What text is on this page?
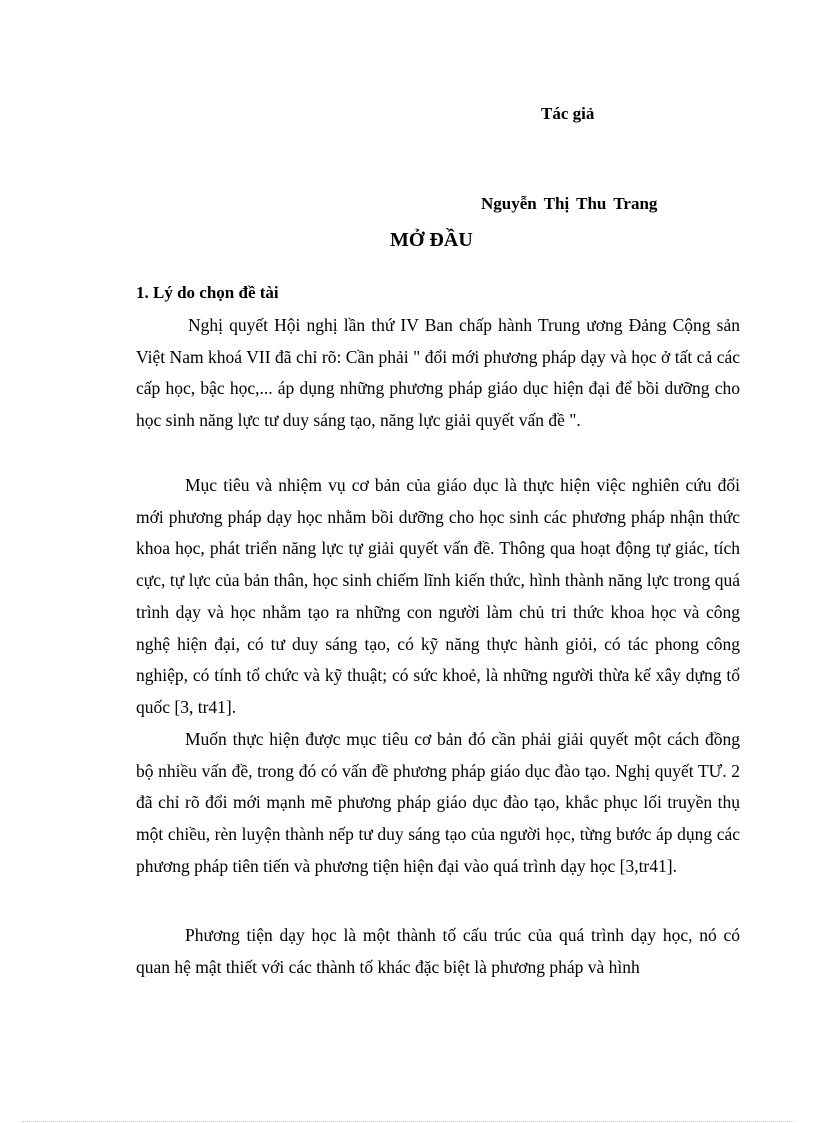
Tác giả
Nguyễn Thị Thu Trang
MỞ ĐẦU
1. Lý do chọn đề tài

Nghị quyết Hội nghị lần thứ IV Ban chấp hành Trung ương Đảng Cộng sản Việt Nam khoá VII đã chỉ rõ: Cần phải " đổi mới phương pháp dạy và học ở tất cả các cấp học, bậc học,... áp dụng những phương pháp giáo dục hiện đại để bồi dưỡng cho học sinh năng lực tư duy sáng tạo, năng lực giải quyết vấn đề ".

Mục tiêu và nhiệm vụ cơ bản của giáo dục là thực hiện việc nghiên cứu đổi mới phương pháp dạy học nhằm bồi dưỡng cho học sinh các phương pháp nhận thức khoa học, phát triển năng lực tự giải quyết vấn đề. Thông qua hoạt động tự giác, tích cực, tự lực của bản thân, học sinh chiếm lĩnh kiến thức, hình thành năng lực trong quá trình dạy và học nhằm tạo ra những con người làm chủ tri thức khoa học và công nghệ hiện đại, có tư duy sáng tạo, có kỹ năng thực hành giỏi, có tác phong công nghiệp, có tính tổ chức và kỹ thuật; có sức khoẻ, là những người thừa kế xây dựng tổ quốc [3, tr41].

Muốn thực hiện được mục tiêu cơ bản đó cần phải giải quyết một cách đồng bộ nhiều vấn đề, trong đó có vấn đề phương pháp giáo dục đào tạo. Nghị quyết TƯ. 2 đã chỉ rõ đổi mới mạnh mẽ phương pháp giáo dục đào tạo, khắc phục lối truyền thụ một chiều, rèn luyện thành nếp tư duy sáng tạo của người học, từng bước áp dụng các phương pháp tiên tiến và phương tiện hiện đại vào quá trình dạy học [3,tr41].

Phương tiện dạy học là một thành tố cấu trúc của quá trình dạy học, nó có quan hệ mật thiết với các thành tố khác đặc biệt là phương pháp và hình
